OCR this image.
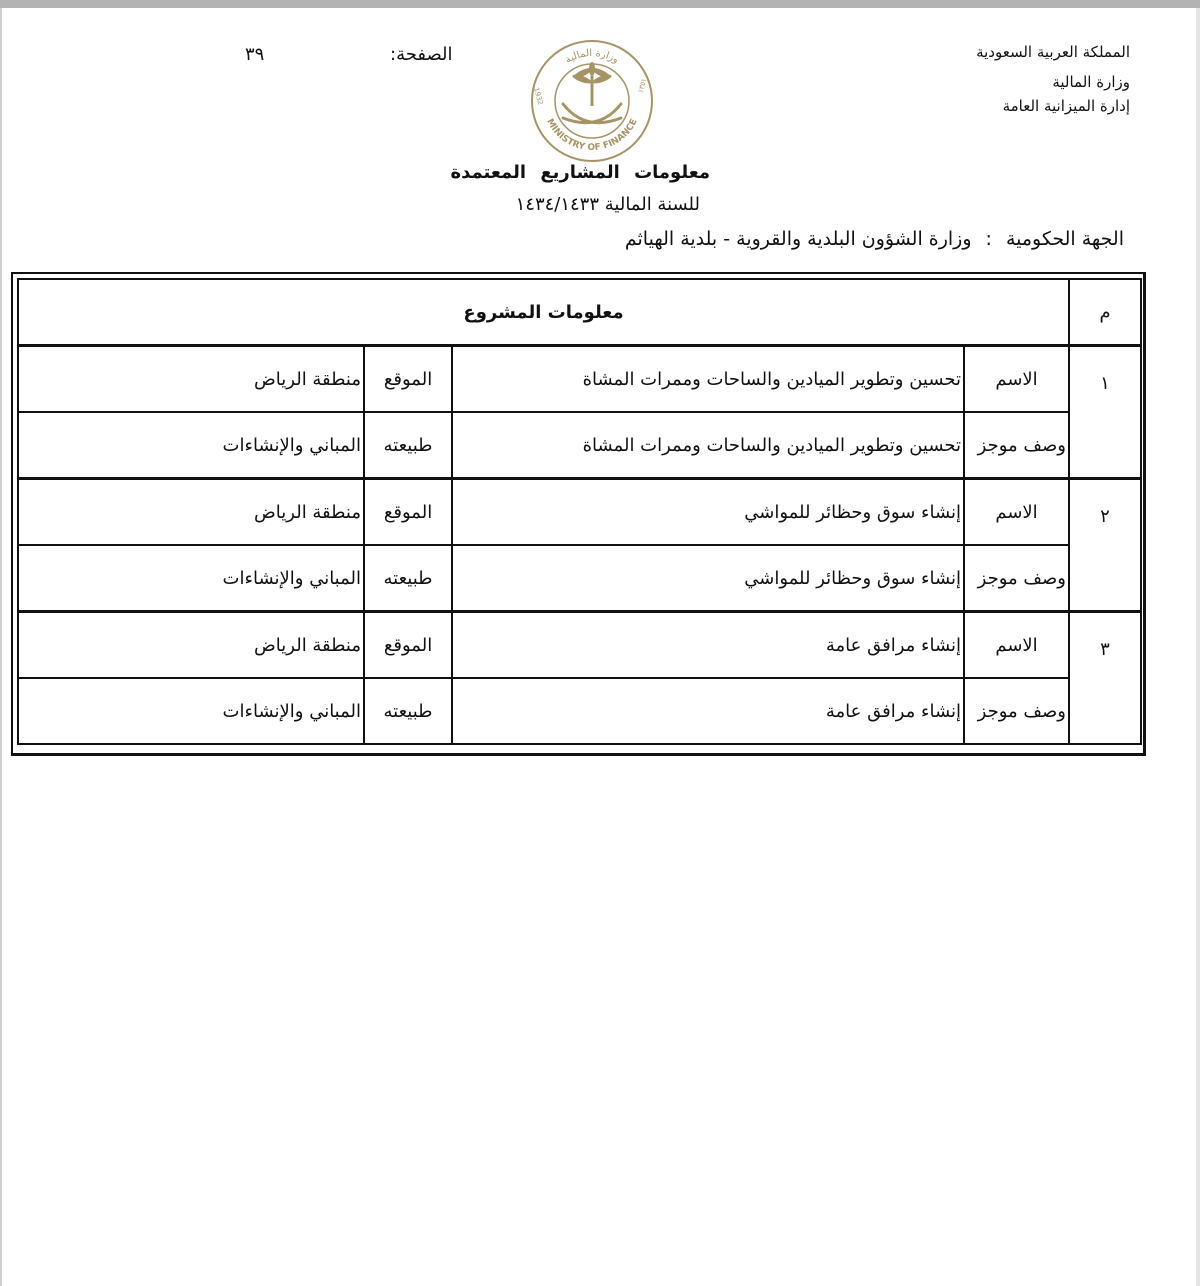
المملكة العربية السعودية
وزارة المالية
إدارة الميزانية العامة
الصفحة:
٣٩	وزارة المالية
MINISTRY OF FINANCE
1932
١٣٥١
معلومات المشاريع المعتمدة
للسنة المالية ١٤٣٤/١٤٣٣
الجهة الحكومية:وزارة الشؤون البلدية والقروية - بلدية الهياثم
م	معلومات المشروع			
١	الاسم	تحسين وتطوير الميادين والساحات وممرات المشاة	الموقع	منطقة الرياض
	وصف موجز	تحسين وتطوير الميادين والساحات وممرات المشاة	طبيعته	المباني والإنشاءات
٢	الاسم	إنشاء سوق وحظائر للمواشي	الموقع	منطقة الرياض
	وصف موجز	إنشاء سوق وحظائر للمواشي	طبيعته	المباني والإنشاءات
٣	الاسم	إنشاء مرافق عامة	الموقع	منطقة الرياض
	وصف موجز	إنشاء مرافق عامة	طبيعته	المباني والإنشاءات
